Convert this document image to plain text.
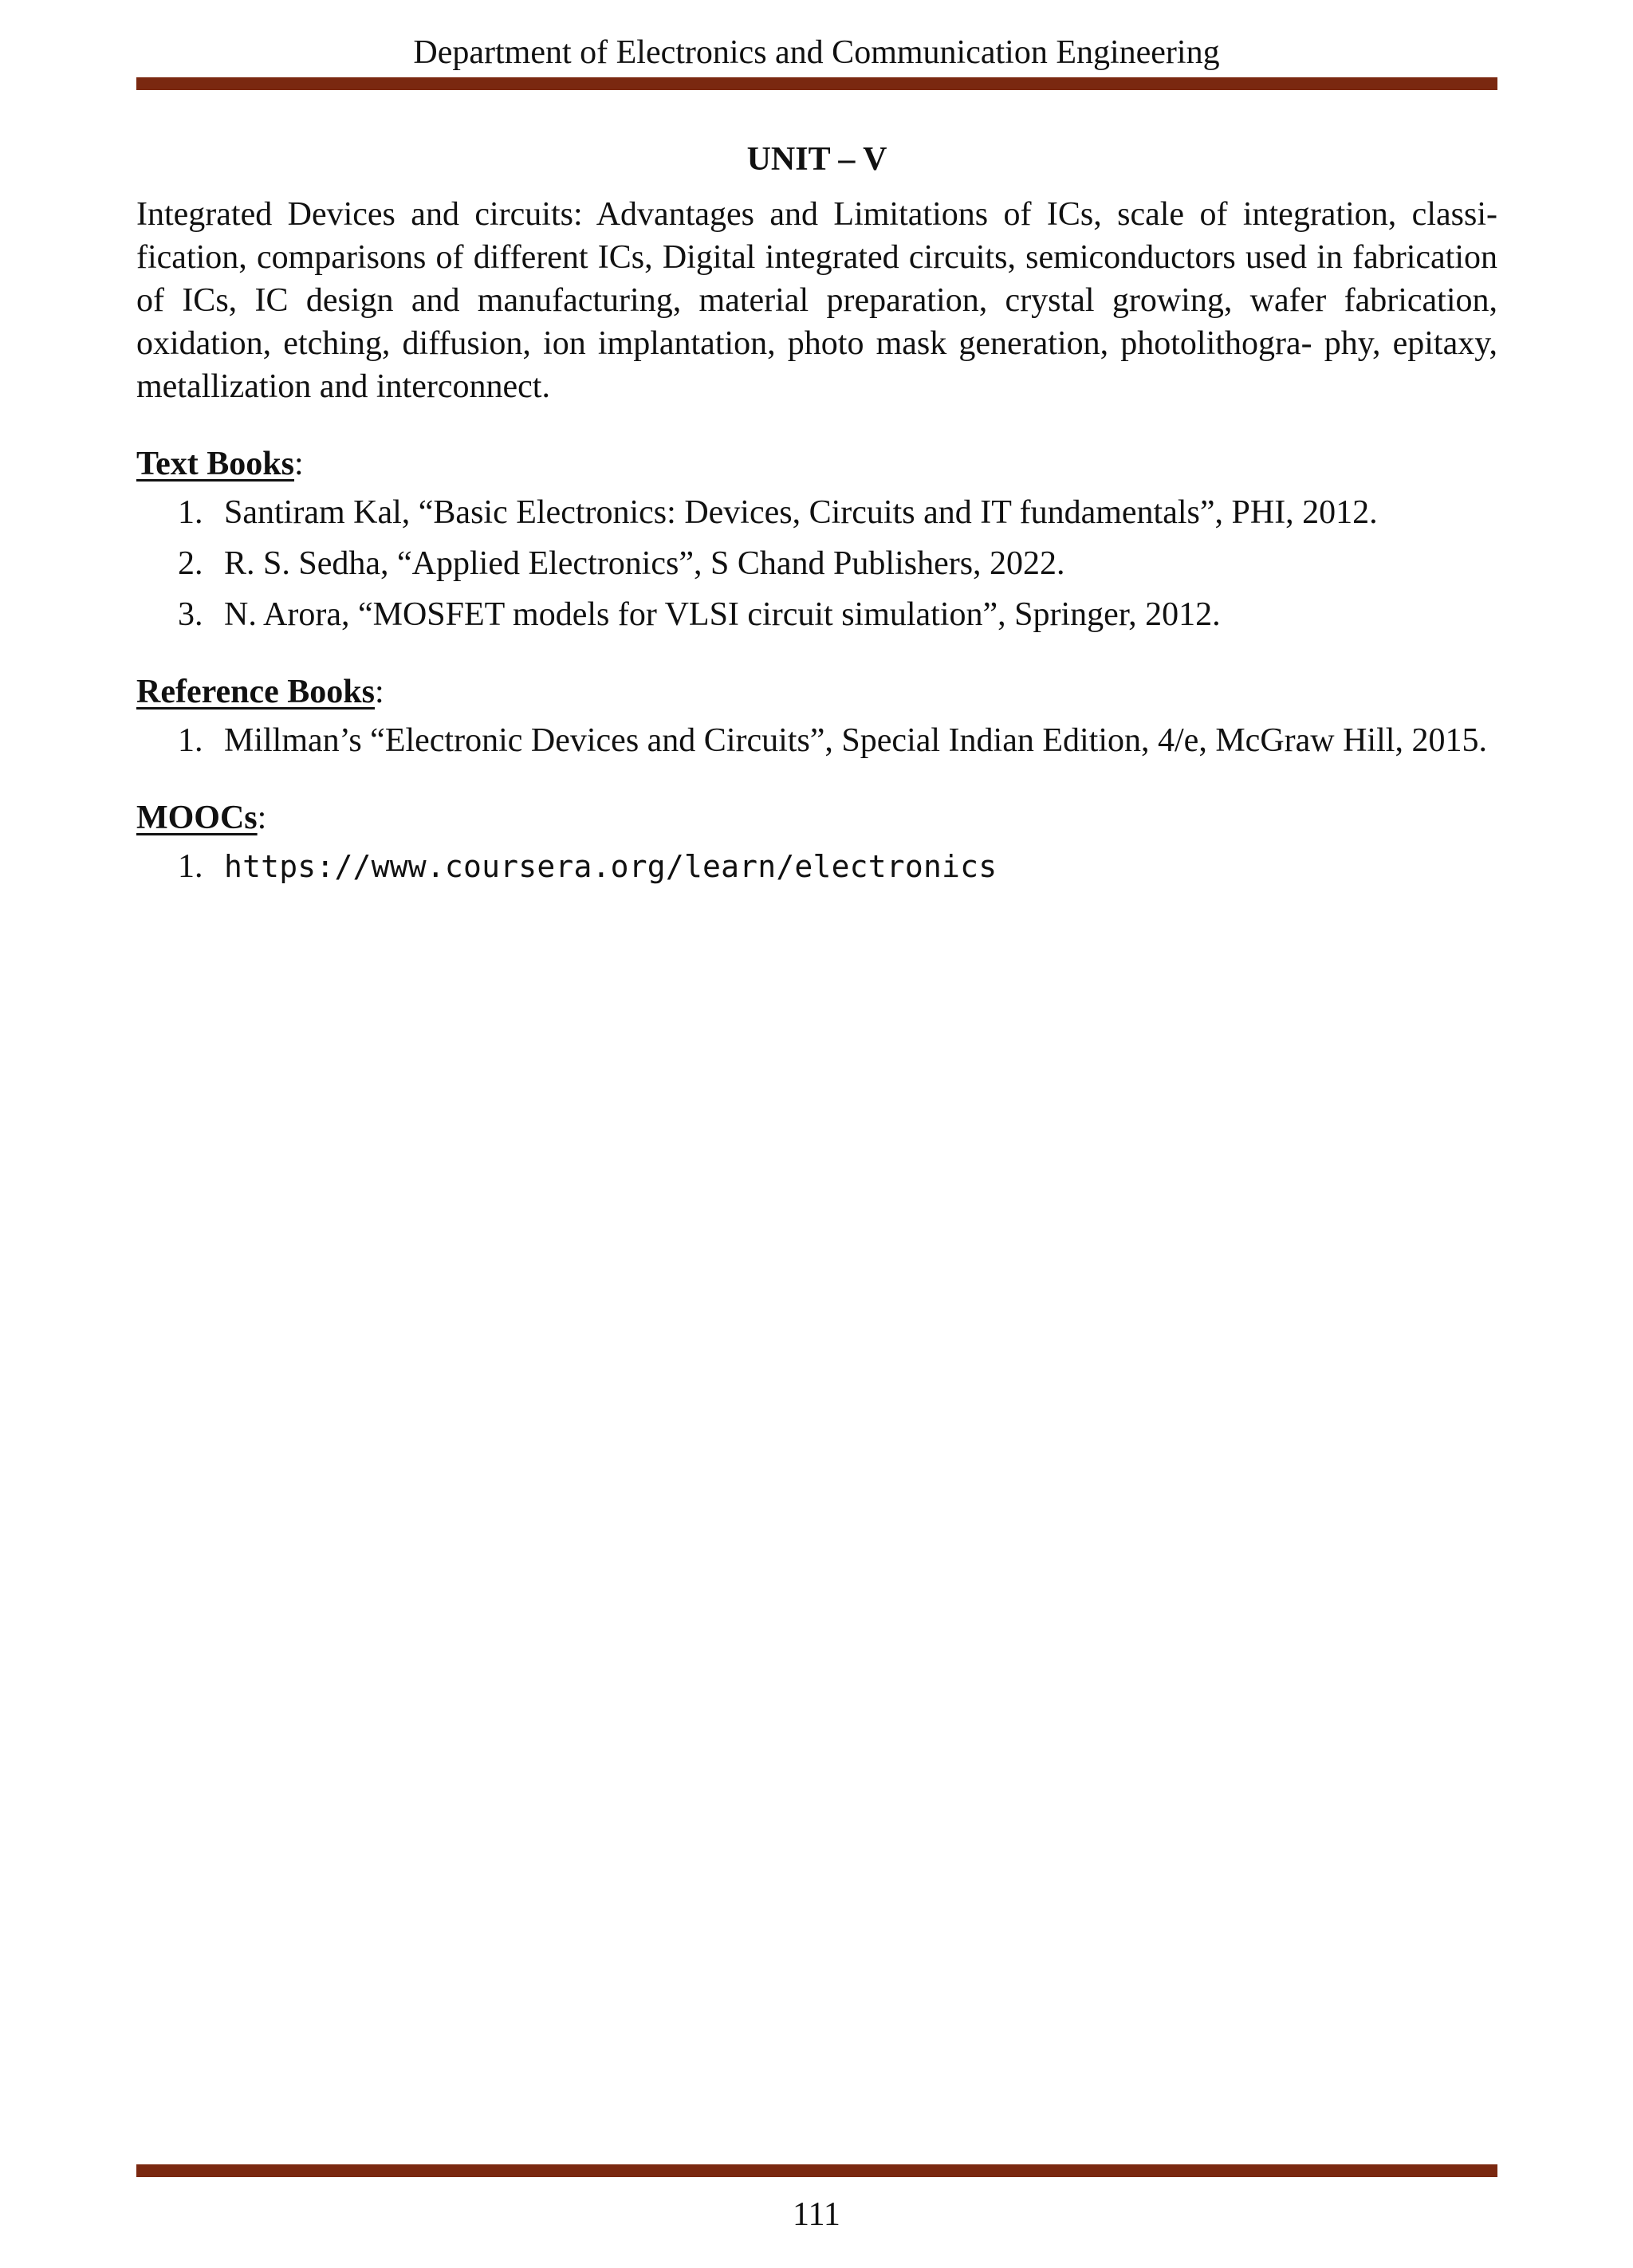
Department of Electronics and Communication Engineering
UNIT – V

Integrated Devices and circuits: Advantages and Limitations of ICs, scale of integration, classification, comparisons of different ICs, Digital integrated circuits, semiconductors used in fabrication of ICs, IC design and manufacturing, material preparation, crystal growing, wafer fabrication, oxidation, etching, diffusion, ion implantation, photo mask generation, photolithogra- phy, epitaxy, metallization and interconnect.

Text Books:
1. Santiram Kal, “Basic Electronics: Devices, Circuits and IT fundamentals”, PHI, 2012.
2. R. S. Sedha, “Applied Electronics”, S Chand Publishers, 2022.
3. N. Arora, “MOSFET models for VLSI circuit simulation”, Springer, 2012.
Reference Books:
1. Millman’s “Electronic Devices and Circuits”, Special Indian Edition, 4/e, McGraw Hill, 2015.
MOOCs:
1. https://www.coursera.org/learn/electronics
111
